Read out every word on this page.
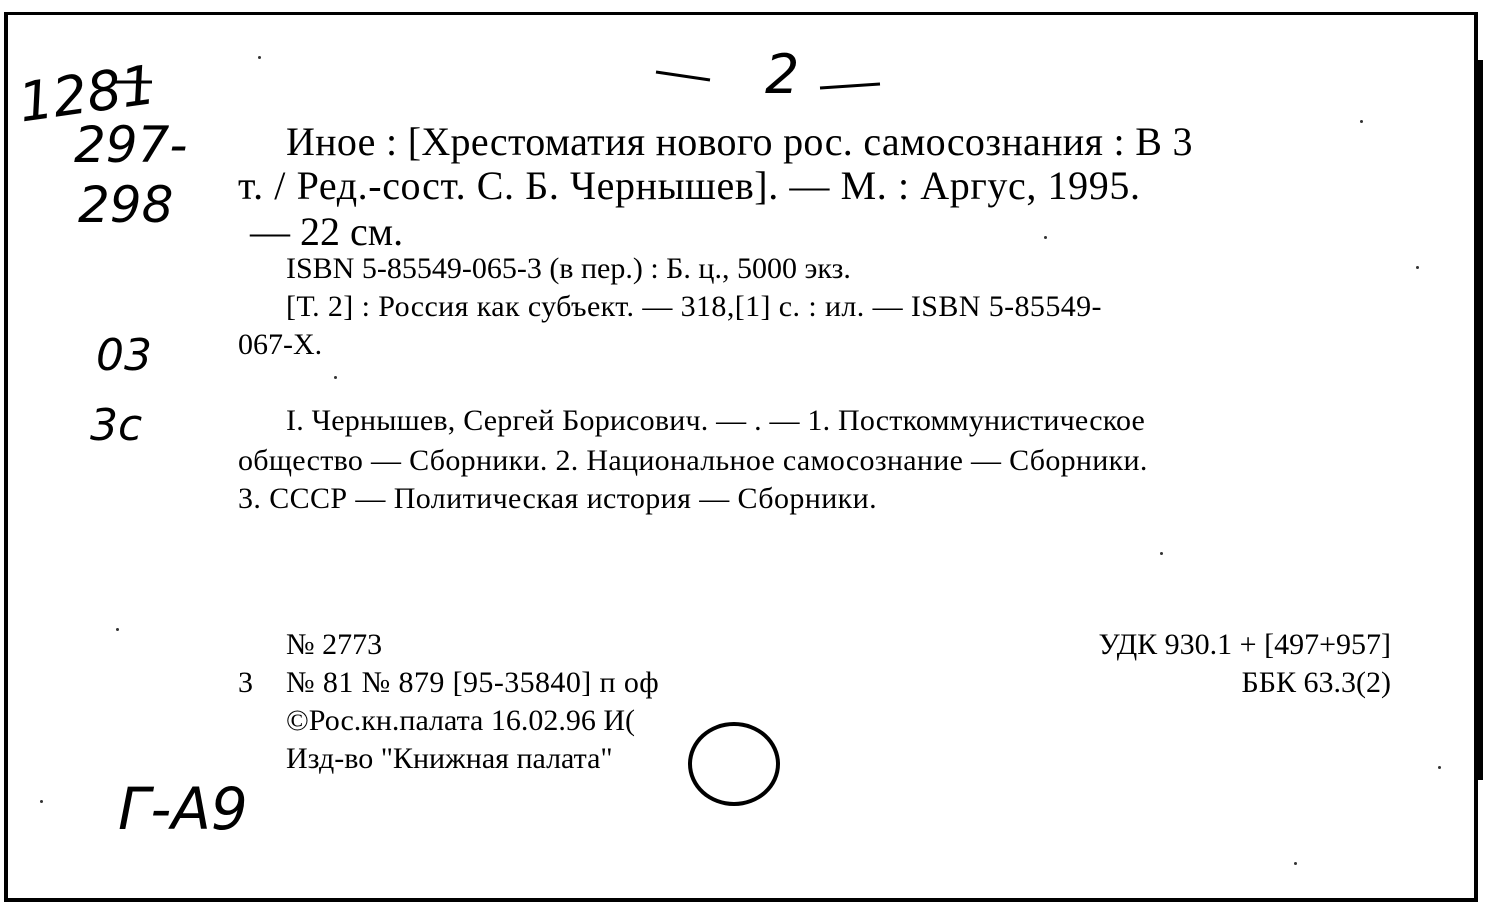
1281
297-
298
2
03
3с
Г-А9
Иное : [Хрестоматия нового рос. самосознания : В 3
т. / Ред.-сост. С. Б. Чернышев]. — М. : Аргус, 1995.
— 22 см.
ISBN 5-85549-065-3 (в пер.) : Б. ц., 5000 экз.
[Т. 2] : Россия как субъект. — 318,[1] с. : ил. — ISBN 5-85549-
067-Х.
I. Чернышев, Сергей Борисович. — . — 1. Посткоммунистическое
общество — Сборники. 2. Национальное самосознание — Сборники.
3. СССР — Политическая история — Сборники.
№ 2773
3 № 81 № 879 [95-35840] п оф
©Рос.кн.палата 16.02.96 И(
Изд-во "Книжная палата"
УДК 930.1 + [497+957]
ББК 63.3(2)
